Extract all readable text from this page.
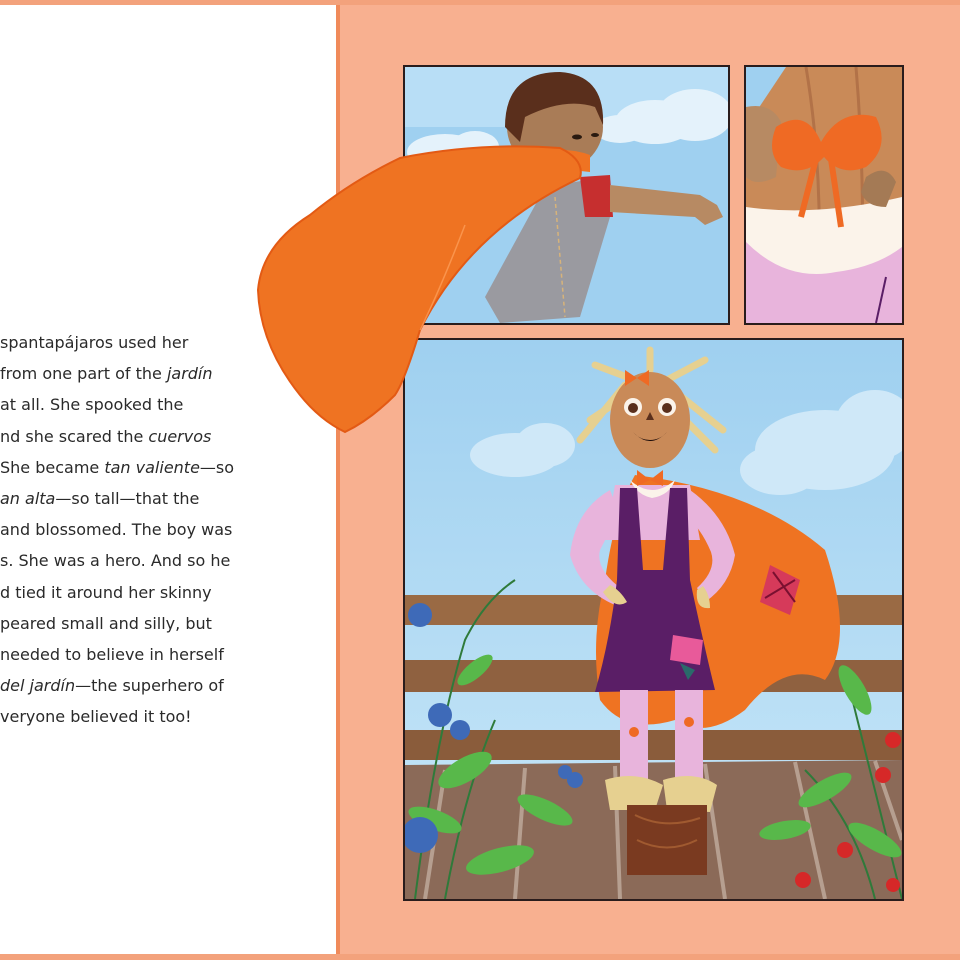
spantapájaros used her
from one part of the jardín
at all. She spooked the
nd she scared the cuervos
She became tan valiente—so
an alta—so tall—that the
and blossomed. The boy was
s. She was a hero. And so he
d tied it around her skinny
peared small and silly, but
needed to believe in herself
del jardín—the superhero of
veryone believed it too!
